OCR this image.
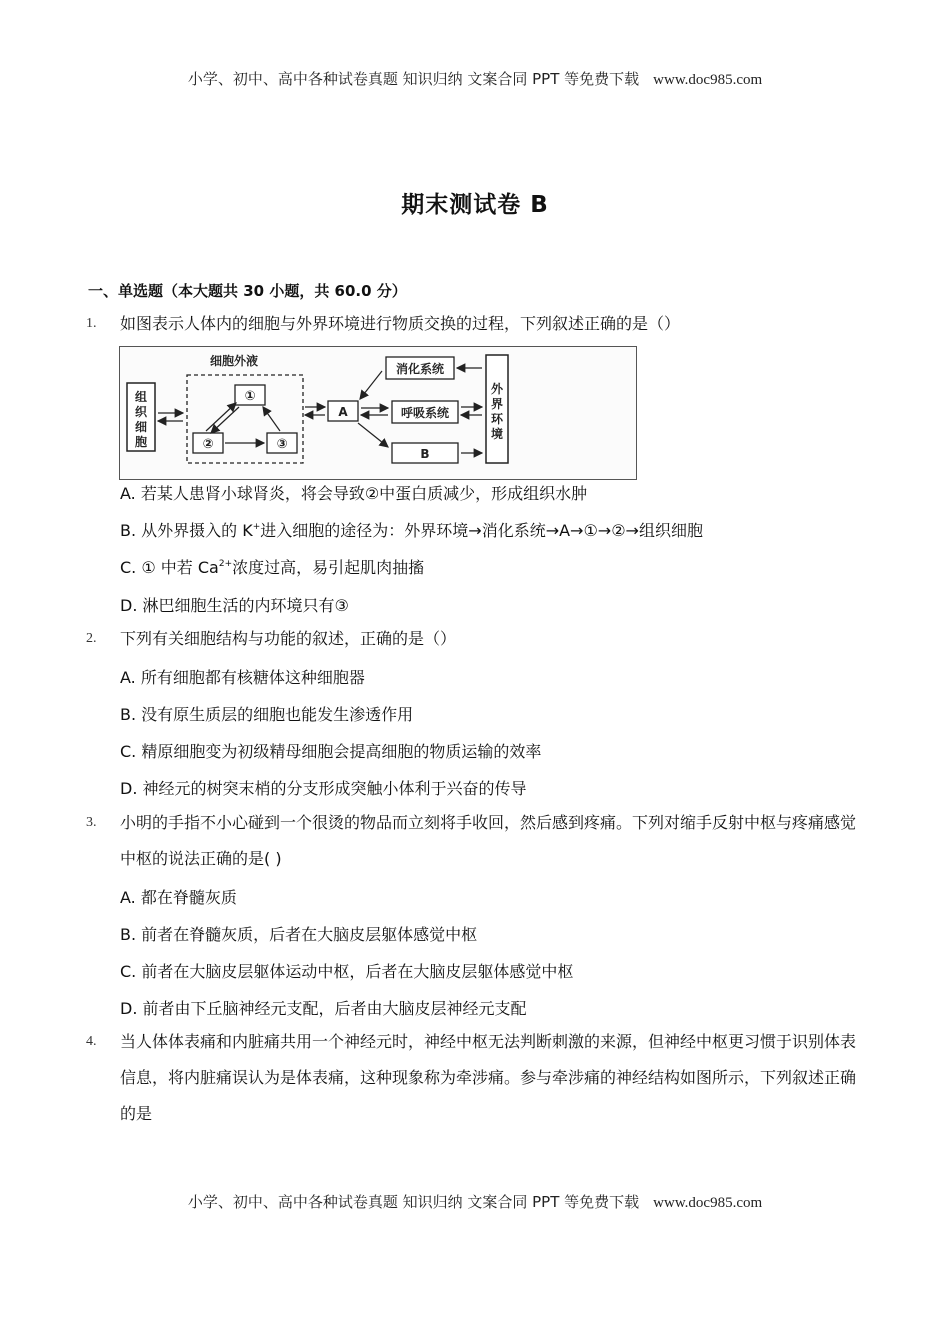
小学、初中、高中各种试卷真题 知识归纳 文案合同 PPT 等免费下载 www.doc985.com
期末测试卷 B
一、单选题（本大题共 30 小题，共 60.0 分）
1. 如图表示人体内的细胞与外界环境进行物质交换的过程，下列叙述正确的是（）
组
织
细
胞
细胞外液
①
②	③
A
消化系统
呼吸系统
B
外
界
环
境
A. 若某人患肾小球肾炎，将会导致②中蛋白质减少，形成组织水肿
B. 从外界摄入的 K+进入细胞的途径为：外界环境→消化系统→A→①→②→组织细胞
C. ① 中若 $Ca^{2+}$浓度过高，易引起肌肉抽搐
D. 淋巴细胞生活的内环境只有③
2. 下列有关细胞结构与功能的叙述，正确的是（）
A. 所有细胞都有核糖体这种细胞器
B. 没有原生质层的细胞也能发生渗透作用
C. 精原细胞变为初级精母细胞会提高细胞的物质运输的效率
D. 神经元的树突末梢的分支形成突触小体利于兴奋的传导
3. 小明的手指不小心碰到一个很烫的物品而立刻将手收回，然后感到疼痛。下列对缩手反射中枢与疼痛感觉中枢的说法正确的是( )
A. 都在脊髓灰质
B. 前者在脊髓灰质，后者在大脑皮层躯体感觉中枢
C. 前者在大脑皮层躯体运动中枢，后者在大脑皮层躯体感觉中枢
D. 前者由下丘脑神经元支配，后者由大脑皮层神经元支配
4. 当人体体表痛和内脏痛共用一个神经元时，神经中枢无法判断刺激的来源，但神经中枢更习惯于识别体表信息，将内脏痛误认为是体表痛，这种现象称为牵涉痛。参与牵涉痛的神经结构如图所示，下列叙述正确的是
小学、初中、高中各种试卷真题 知识归纳 文案合同 PPT 等免费下载 www.doc985.com
